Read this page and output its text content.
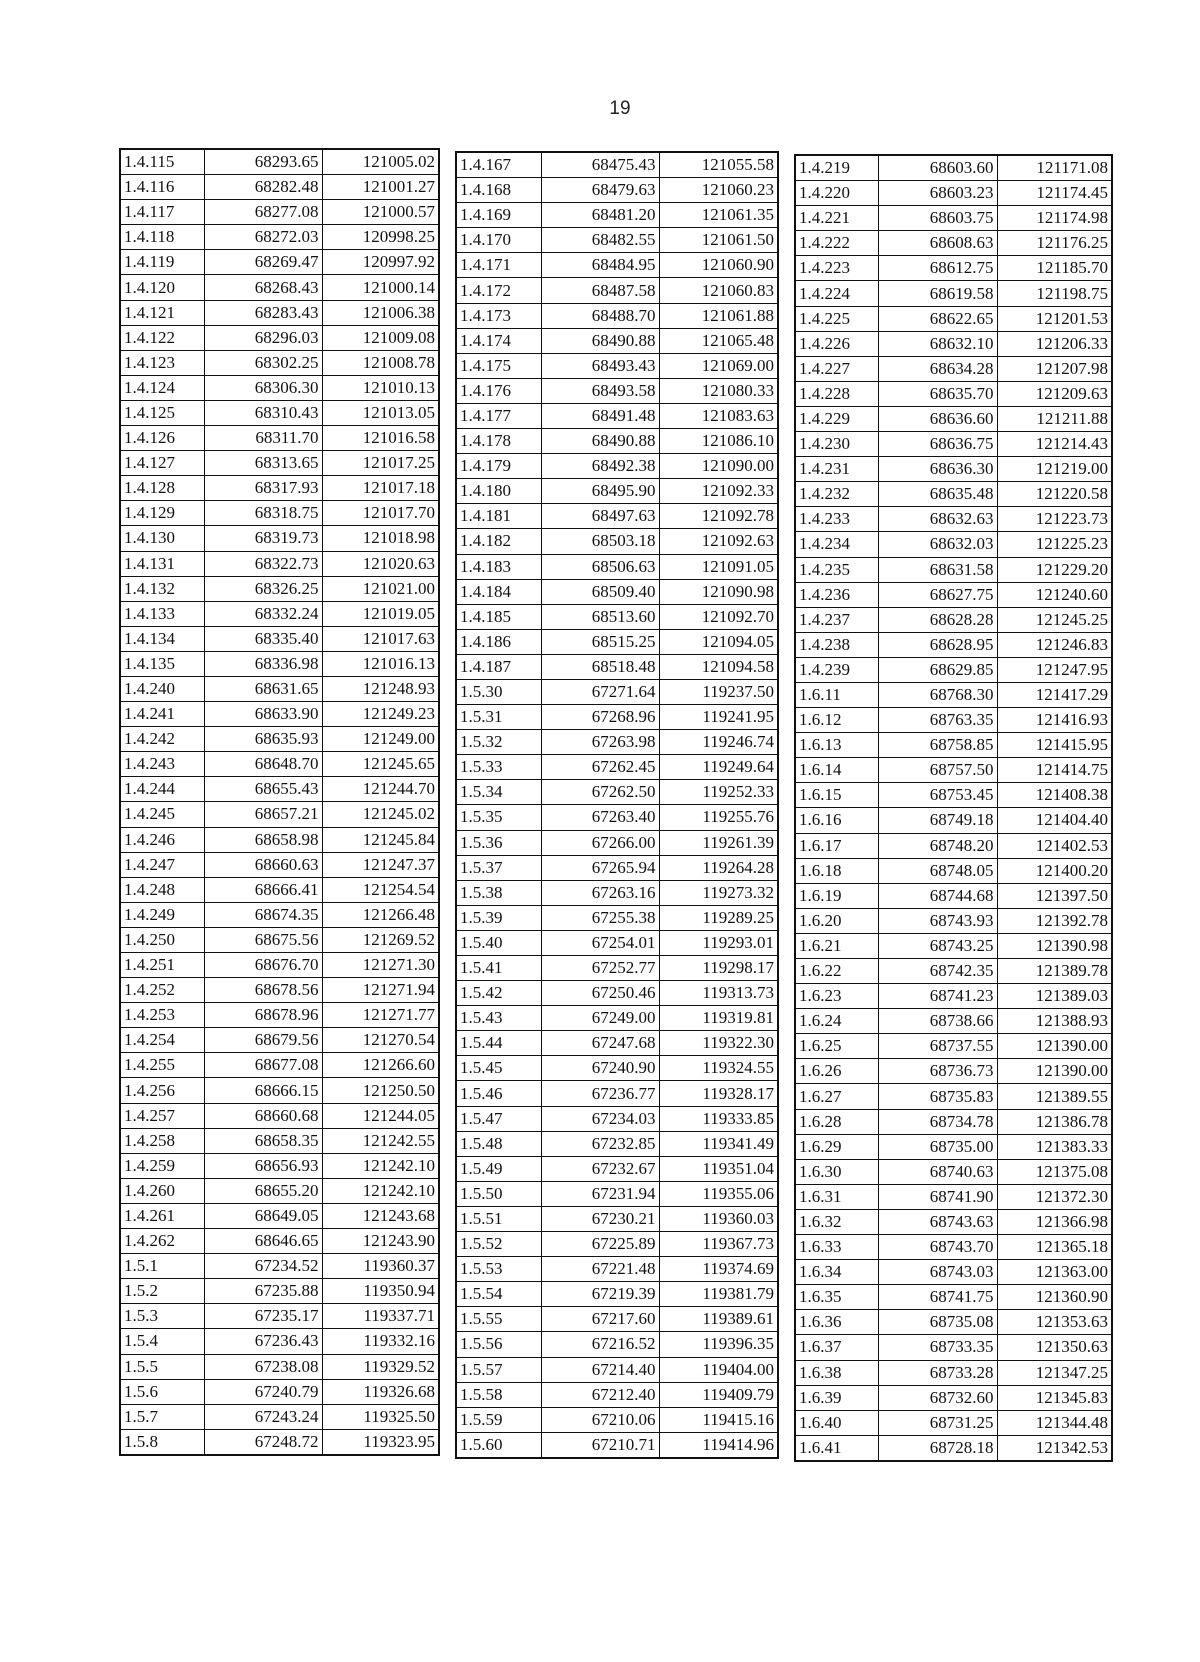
19
1.4.115	68293.65	121005.02
1.4.116	68282.48	121001.27
1.4.117	68277.08	121000.57
1.4.118	68272.03	120998.25
1.4.119	68269.47	120997.92
1.4.120	68268.43	121000.14
1.4.121	68283.43	121006.38
1.4.122	68296.03	121009.08
1.4.123	68302.25	121008.78
1.4.124	68306.30	121010.13
1.4.125	68310.43	121013.05
1.4.126	68311.70	121016.58
1.4.127	68313.65	121017.25
1.4.128	68317.93	121017.18
1.4.129	68318.75	121017.70
1.4.130	68319.73	121018.98
1.4.131	68322.73	121020.63
1.4.132	68326.25	121021.00
1.4.133	68332.24	121019.05
1.4.134	68335.40	121017.63
1.4.135	68336.98	121016.13
1.4.240	68631.65	121248.93
1.4.241	68633.90	121249.23
1.4.242	68635.93	121249.00
1.4.243	68648.70	121245.65
1.4.244	68655.43	121244.70
1.4.245	68657.21	121245.02
1.4.246	68658.98	121245.84
1.4.247	68660.63	121247.37
1.4.248	68666.41	121254.54
1.4.249	68674.35	121266.48
1.4.250	68675.56	121269.52
1.4.251	68676.70	121271.30
1.4.252	68678.56	121271.94
1.4.253	68678.96	121271.77
1.4.254	68679.56	121270.54
1.4.255	68677.08	121266.60
1.4.256	68666.15	121250.50
1.4.257	68660.68	121244.05
1.4.258	68658.35	121242.55
1.4.259	68656.93	121242.10
1.4.260	68655.20	121242.10
1.4.261	68649.05	121243.68
1.4.262	68646.65	121243.90
1.5.1	67234.52	119360.37
1.5.2	67235.88	119350.94
1.5.3	67235.17	119337.71
1.5.4	67236.43	119332.16
1.5.5	67238.08	119329.52
1.5.6	67240.79	119326.68
1.5.7	67243.24	119325.50
1.5.8	67248.72	119323.95
1.4.167	68475.43	121055.58
1.4.168	68479.63	121060.23
1.4.169	68481.20	121061.35
1.4.170	68482.55	121061.50
1.4.171	68484.95	121060.90
1.4.172	68487.58	121060.83
1.4.173	68488.70	121061.88
1.4.174	68490.88	121065.48
1.4.175	68493.43	121069.00
1.4.176	68493.58	121080.33
1.4.177	68491.48	121083.63
1.4.178	68490.88	121086.10
1.4.179	68492.38	121090.00
1.4.180	68495.90	121092.33
1.4.181	68497.63	121092.78
1.4.182	68503.18	121092.63
1.4.183	68506.63	121091.05
1.4.184	68509.40	121090.98
1.4.185	68513.60	121092.70
1.4.186	68515.25	121094.05
1.4.187	68518.48	121094.58
1.5.30	67271.64	119237.50
1.5.31	67268.96	119241.95
1.5.32	67263.98	119246.74
1.5.33	67262.45	119249.64
1.5.34	67262.50	119252.33
1.5.35	67263.40	119255.76
1.5.36	67266.00	119261.39
1.5.37	67265.94	119264.28
1.5.38	67263.16	119273.32
1.5.39	67255.38	119289.25
1.5.40	67254.01	119293.01
1.5.41	67252.77	119298.17
1.5.42	67250.46	119313.73
1.5.43	67249.00	119319.81
1.5.44	67247.68	119322.30
1.5.45	67240.90	119324.55
1.5.46	67236.77	119328.17
1.5.47	67234.03	119333.85
1.5.48	67232.85	119341.49
1.5.49	67232.67	119351.04
1.5.50	67231.94	119355.06
1.5.51	67230.21	119360.03
1.5.52	67225.89	119367.73
1.5.53	67221.48	119374.69
1.5.54	67219.39	119381.79
1.5.55	67217.60	119389.61
1.5.56	67216.52	119396.35
1.5.57	67214.40	119404.00
1.5.58	67212.40	119409.79
1.5.59	67210.06	119415.16
1.5.60	67210.71	119414.96
1.4.219	68603.60	121171.08
1.4.220	68603.23	121174.45
1.4.221	68603.75	121174.98
1.4.222	68608.63	121176.25
1.4.223	68612.75	121185.70
1.4.224	68619.58	121198.75
1.4.225	68622.65	121201.53
1.4.226	68632.10	121206.33
1.4.227	68634.28	121207.98
1.4.228	68635.70	121209.63
1.4.229	68636.60	121211.88
1.4.230	68636.75	121214.43
1.4.231	68636.30	121219.00
1.4.232	68635.48	121220.58
1.4.233	68632.63	121223.73
1.4.234	68632.03	121225.23
1.4.235	68631.58	121229.20
1.4.236	68627.75	121240.60
1.4.237	68628.28	121245.25
1.4.238	68628.95	121246.83
1.4.239	68629.85	121247.95
1.6.11	68768.30	121417.29
1.6.12	68763.35	121416.93
1.6.13	68758.85	121415.95
1.6.14	68757.50	121414.75
1.6.15	68753.45	121408.38
1.6.16	68749.18	121404.40
1.6.17	68748.20	121402.53
1.6.18	68748.05	121400.20
1.6.19	68744.68	121397.50
1.6.20	68743.93	121392.78
1.6.21	68743.25	121390.98
1.6.22	68742.35	121389.78
1.6.23	68741.23	121389.03
1.6.24	68738.66	121388.93
1.6.25	68737.55	121390.00
1.6.26	68736.73	121390.00
1.6.27	68735.83	121389.55
1.6.28	68734.78	121386.78
1.6.29	68735.00	121383.33
1.6.30	68740.63	121375.08
1.6.31	68741.90	121372.30
1.6.32	68743.63	121366.98
1.6.33	68743.70	121365.18
1.6.34	68743.03	121363.00
1.6.35	68741.75	121360.90
1.6.36	68735.08	121353.63
1.6.37	68733.35	121350.63
1.6.38	68733.28	121347.25
1.6.39	68732.60	121345.83
1.6.40	68731.25	121344.48
1.6.41	68728.18	121342.53
